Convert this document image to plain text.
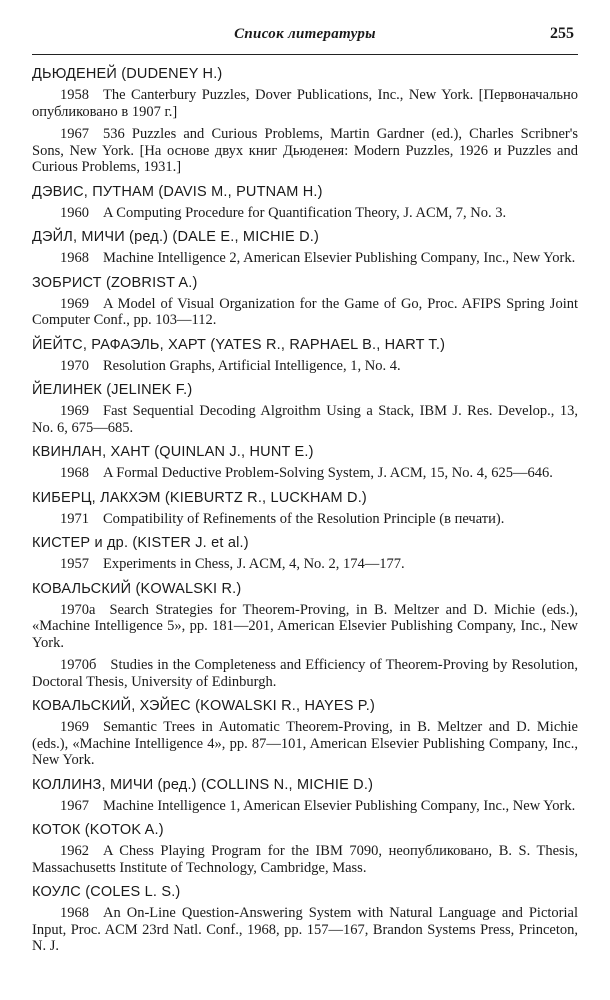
Список литературы	255
ДЬЮДЕНЕЙ (DUDENEY H.)

1958 The Canterbury Puzzles, Dover Publications, Inc., New York. [Первоначально опубликовано в 1907 г.]

1967 536 Puzzles and Curious Problems, Martin Gardner (ed.), Charles Scribner's Sons, New York. [На основе двух книг Дьюденея: Modern Puzzles, 1926 и Puzzles and Curious Problems, 1931.]

ДЭВИС, ПУТНАМ (DAVIS M., PUTNAM H.)

1960 A Computing Procedure for Quantification Theory, J. ACM, 7, No. 3.

ДЭЙЛ, МИЧИ (ред.) (DALE E., MICHIE D.)

1968 Machine Intelligence 2, American Elsevier Publishing Company, Inc., New York.

ЗОБРИСТ (ZOBRIST A.)

1969 A Model of Visual Organization for the Game of Go, Proc. AFIPS Spring Joint Computer Conf., pp. 103—112.

ЙЕЙТС, РАФАЭЛЬ, ХАРТ (YATES R., RAPHAEL B., HART T.)

1970 Resolution Graphs, Artificial Intelligence, 1, No. 4.

ЙЕЛИНЕК (JELINEK F.)

1969 Fast Sequential Decoding Algroithm Using a Stack, IBM J. Res. Develop., 13, No. 6, 675—685.

КВИНЛАН, ХАНТ (QUINLAN J., HUNT E.)

1968 A Formal Deductive Problem-Solving System, J. ACM, 15, No. 4, 625—646.

КИБЕРЦ, ЛАКХЭМ (KIEBURTZ R., LUCKHAM D.)

1971 Compatibility of Refinements of the Resolution Principle (в печати).

КИСТЕР и др. (KISTER J. et al.)

1957 Experiments in Chess, J. ACM, 4, No. 2, 174—177.

КОВАЛЬСКИЙ (KOWALSKI R.)

1970a Search Strategies for Theorem-Proving, in B. Meltzer and D. Michie (eds.), «Machine Intelligence 5», pp. 181—201, American Elsevier Publishing Company, Inc., New York.

1970б Studies in the Completeness and Efficiency of Theorem-Proving by Resolution, Doctoral Thesis, University of Edinburgh.

КОВАЛЬСКИЙ, ХЭЙЕС (KOWALSKI R., HAYES P.)

1969 Semantic Trees in Automatic Theorem-Proving, in B. Meltzer and D. Michie (eds.), «Machine Intelligence 4», pp. 87—101, American Elsevier Publishing Company, Inc., New York.

КОЛЛИНЗ, МИЧИ (ред.) (COLLINS N., MICHIE D.)

1967 Machine Intelligence 1, American Elsevier Publishing Company, Inc., New York.

КОТОК (KOTOK A.)

1962 A Chess Playing Program for the IBM 7090, неопубликовано, B. S. Thesis, Massachusetts Institute of Technology, Cambridge, Mass.

КОУЛС (COLES L. S.)

1968 An On-Line Question-Answering System with Natural Language and Pictorial Input, Proc. ACM 23rd Natl. Conf., 1968, pp. 157—167, Brandon Systems Press, Princeton, N. J.
